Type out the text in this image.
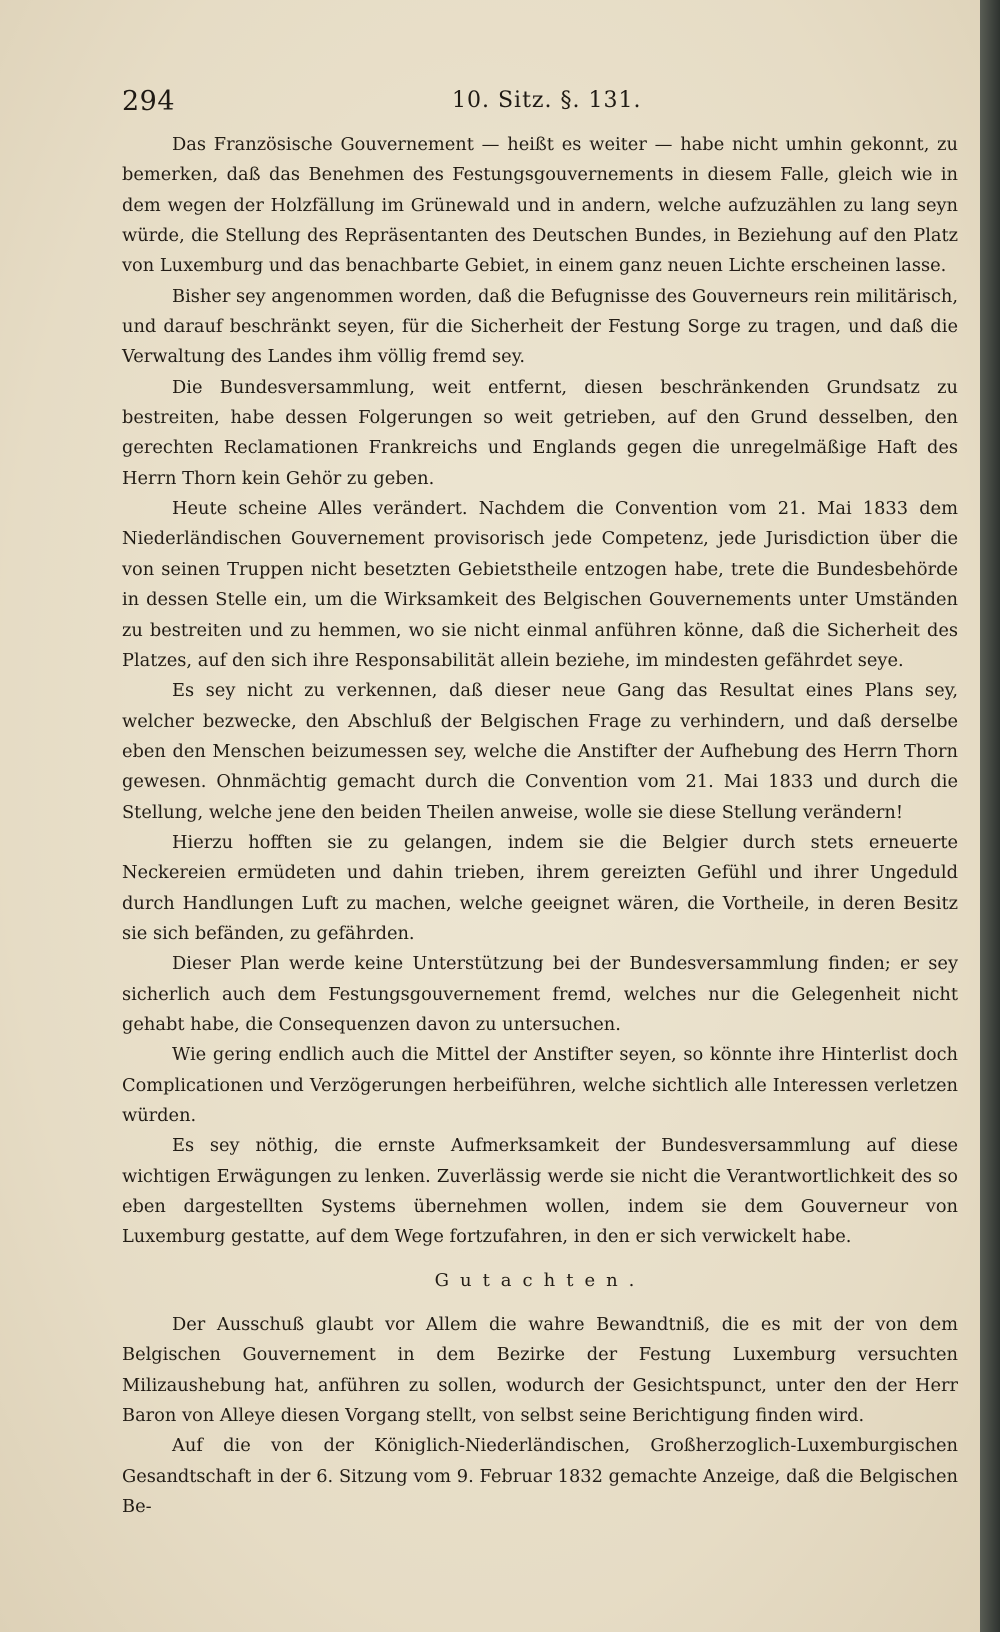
294	10. Sitz. §. 131.

Das Französische Gouvernement — heißt es weiter — habe nicht umhin gekonnt, zu bemerken, daß das Benehmen des Festungsgouvernements in diesem Falle, gleich wie in dem wegen der Holzfällung im Grünewald und in andern, welche aufzuzählen zu lang seyn würde, die Stellung des Repräsentanten des Deutschen Bundes, in Beziehung auf den Platz von Luxemburg und das benachbarte Gebiet, in einem ganz neuen Lichte erscheinen lasse.

Bisher sey angenommen worden, daß die Befugnisse des Gouverneurs rein militärisch, und darauf beschränkt seyen, für die Sicherheit der Festung Sorge zu tragen, und daß die Verwaltung des Landes ihm völlig fremd sey.

Die Bundesversammlung, weit entfernt, diesen beschränkenden Grundsatz zu bestreiten, habe dessen Folgerungen so weit getrieben, auf den Grund desselben, den gerechten Reclamationen Frankreichs und Englands gegen die unregelmäßige Haft des Herrn Thorn kein Gehör zu geben.

Heute scheine Alles verändert. Nachdem die Convention vom 21. Mai 1833 dem Niederländischen Gouvernement provisorisch jede Competenz, jede Jurisdiction über die von seinen Truppen nicht besetzten Gebietstheile entzogen habe, trete die Bundesbehörde in dessen Stelle ein, um die Wirksamkeit des Belgischen Gouvernements unter Umständen zu bestreiten und zu hemmen, wo sie nicht einmal anführen könne, daß die Sicherheit des Platzes, auf den sich ihre Responsabilität allein beziehe, im mindesten gefährdet seye.

Es sey nicht zu verkennen, daß dieser neue Gang das Resultat eines Plans sey, welcher bezwecke, den Abschluß der Belgischen Frage zu verhindern, und daß derselbe eben den Menschen beizumessen sey, welche die Anstifter der Aufhebung des Herrn Thorn gewesen. Ohnmächtig gemacht durch die Convention vom 21. Mai 1833 und durch die Stellung, welche jene den beiden Theilen anweise, wolle sie diese Stellung verändern!

Hierzu hofften sie zu gelangen, indem sie die Belgier durch stets erneuerte Neckereien ermüdeten und dahin trieben, ihrem gereizten Gefühl und ihrer Ungeduld durch Handlungen Luft zu machen, welche geeignet wären, die Vortheile, in deren Besitz sie sich befänden, zu gefährden.

Dieser Plan werde keine Unterstützung bei der Bundesversammlung finden; er sey sicherlich auch dem Festungsgouvernement fremd, welches nur die Gelegenheit nicht gehabt habe, die Consequenzen davon zu untersuchen.

Wie gering endlich auch die Mittel der Anstifter seyen, so könnte ihre Hinterlist doch Complicationen und Verzögerungen herbeiführen, welche sichtlich alle Interessen verletzen würden.

Es sey nöthig, die ernste Aufmerksamkeit der Bundesversammlung auf diese wichtigen Erwägungen zu lenken. Zuverlässig werde sie nicht die Verantwortlichkeit des so eben dargestellten Systems übernehmen wollen, indem sie dem Gouverneur von Luxemburg gestatte, auf dem Wege fortzufahren, in den er sich verwickelt habe.

Gutachten.

Der Ausschuß glaubt vor Allem die wahre Bewandtniß, die es mit der von dem Belgischen Gouvernement in dem Bezirke der Festung Luxemburg versuchten Milizaushebung hat, anführen zu sollen, wodurch der Gesichtspunct, unter den der Herr Baron von Alleye diesen Vorgang stellt, von selbst seine Berichtigung finden wird.

Auf die von der Königlich-Niederländischen, Großherzoglich-Luxemburgischen Gesandtschaft in der 6. Sitzung vom 9. Februar 1832 gemachte Anzeige, daß die Belgischen Be-
